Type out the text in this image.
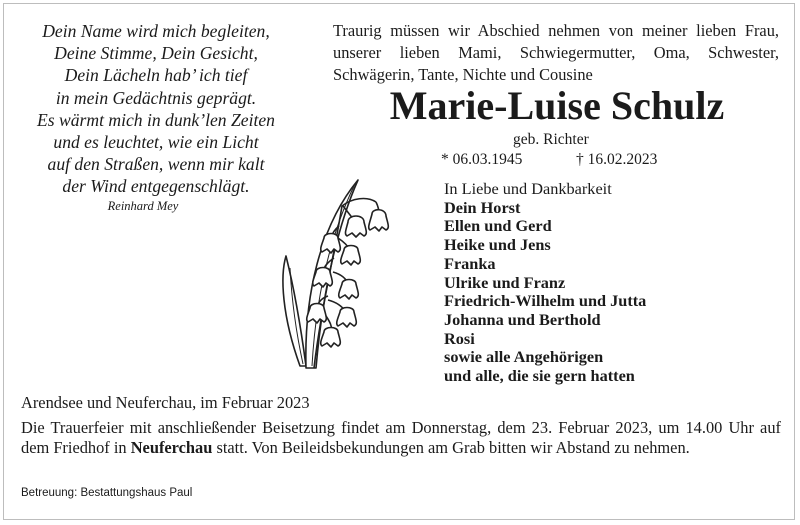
Dein Name wird mich begleiten,
Deine Stimme, Dein Gesicht,
Dein Lächeln hab’ ich tief
in mein Gedächtnis geprägt.
Es wärmt mich in dunk’len Zeiten
und es leuchtet, wie ein Licht
auf den Straßen, wenn mir kalt
der Wind entgegenschlägt.
Reinhard Mey
Traurig müssen wir Abschied nehmen von meiner lieben Frau,
unserer lieben Mami, Schwiegermutter, Oma, Schwester,
Schwägerin, Tante, Nichte und Cousine
Marie-Luise Schulz
geb. Richter
* 06.03.1945	† 16.02.2023
In Liebe und Dankbarkeit
Dein Horst
Ellen und Gerd
Heike und Jens
Franka
Ulrike und Franz
Friedrich-Wilhelm und Jutta
Johanna und Berthold
Rosi
sowie alle Angehörigen
und alle, die sie gern hatten
Arendsee und Neuferchau, im Februar 2023
Die Trauerfeier mit anschließender Beisetzung findet am Donnerstag, dem 23. Februar 2023, um 14.00 Uhr auf dem Friedhof in Neuferchau statt. Von Beileidsbekundungen am Grab bitten wir Abstand zu nehmen.
Betreuung: Bestattungshaus Paul
